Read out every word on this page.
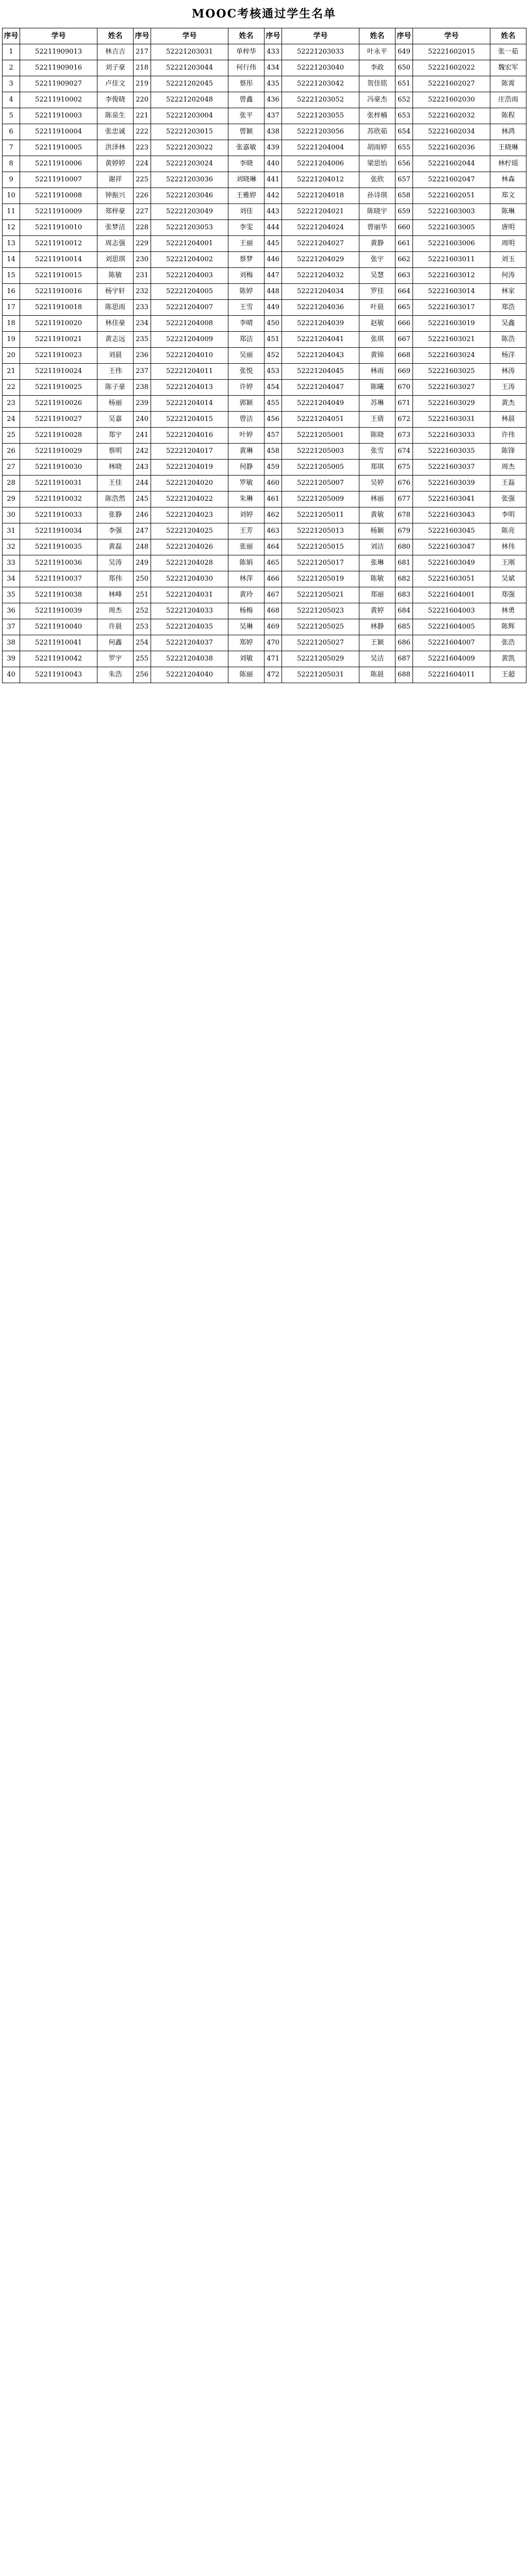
MOOC考核通过学生名单
序号	学号	姓名	序号	学号	姓名	序号	学号	姓名	序号	学号	姓名
1	52211909013	林吉吉	217	52221203031	单梓华	433	52221203033	叶永平	649	52221602015	张一茹
2	52211909016	刘子豪	218	52221203044	何行伟	434	52221203040	李政	650	52221602022	魏宏军
3	52211909027	卢佳文	219	52221202045	蔡彤	435	52221203042	贺佳铭	651	52221602027	陈霄
4	52211910002	李俊晓	220	52221202048	曾鑫	436	52221203052	冯豪杰	652	52221602030	庄浩雨
5	52211910003	陈泉生	221	52221203004	张平	437	52221203055	张梓楠	653	52221602032	陈程
6	52211910004	张忠诚	222	52221203015	曾颖	438	52221203056	苏欣茹	654	52221602034	林鸿
7	52211910005	洪泽林	223	52221203022	张嘉敏	439	52221204004	胡雨婷	655	52221602036	王晓琳
8	52211910006	黄婷婷	224	52221203024	李晓	440	52221204006	梁思怡	656	52221602044	林柠瑶
9	52211910007	谢祥	225	52221203036	刘晓琳	441	52221204012	张欣	657	52221602047	林森
10	52211910008	钟振兴	226	52221203046	王雅婷	442	52221204018	孙诗琪	658	52221602051	郑文
11	52211910009	郑梓豪	227	52221203049	刘佳	443	52221204021	陈晓宇	659	52221603003	陈琳
12	52211910010	张梦洁	228	52221203053	李雯	444	52221204024	曾丽华	660	52221603005	唐明
13	52211910012	周志强	229	52221204001	王丽	445	52221204027	黄静	661	52221603006	周明
14	52211910014	刘思琪	230	52221204002	蔡梦	446	52221204029	张宇	662	52221603011	刘玉
15	52211910015	陈敏	231	52221204003	刘梅	447	52221204032	吴慧	663	52221603012	何涛
16	52211910016	杨宇轩	232	52221204005	陈婷	448	52221204034	罗佳	664	52221603014	林家
17	52211910018	陈思雨	233	52221204007	王雪	449	52221204036	叶晨	665	52221603017	郑浩
18	52211910020	林佳豪	234	52221204008	李晴	450	52221204039	赵敏	666	52221603019	吴鑫
19	52211910021	黄志远	235	52221204009	郑洁	451	52221204041	张琪	667	52221603021	陈浩
20	52211910023	刘晨	236	52221204010	吴丽	452	52221204043	黄锦	668	52221603024	杨洋
21	52211910024	王伟	237	52221204011	张悦	453	52221204045	林雨	669	52221603025	林涛
22	52211910025	陈子豪	238	52221204013	许婷	454	52221204047	陈曦	670	52221603027	王涛
23	52211910026	杨丽	239	52221204014	郭颖	455	52221204049	苏琳	671	52221603029	黄杰
24	52211910027	吴嘉	240	52221204015	曾洁	456	52221204051	王倩	672	52221603031	林晨
25	52211910028	郑宇	241	52221204016	叶婷	457	52221205001	陈晓	673	52221603033	许伟
26	52211910029	蔡明	242	52221204017	黄琳	458	52221205003	张雪	674	52221603035	陈锋
27	52211910030	林晓	243	52221204019	何静	459	52221205005	郑琪	675	52221603037	周杰
28	52211910031	王佳	244	52221204020	罗敏	460	52221205007	吴婷	676	52221603039	王磊
29	52211910032	陈浩然	245	52221204022	朱琳	461	52221205009	林丽	677	52221603041	张强
30	52211910033	张静	246	52221204023	刘婷	462	52221205011	黄敏	678	52221603043	李明
31	52211910034	李强	247	52221204025	王芳	463	52221205013	杨颖	679	52221603045	陈亮
32	52211910035	黄磊	248	52221204026	张丽	464	52221205015	刘洁	680	52221603047	林伟
33	52211910036	吴涛	249	52221204028	陈娟	465	52221205017	张琳	681	52221603049	王刚
34	52211910037	郑伟	250	52221204030	林萍	466	52221205019	陈敏	682	52221603051	吴斌
35	52211910038	林峰	251	52221204031	黄玲	467	52221205021	郑丽	683	52221604001	郑强
36	52211910039	周杰	252	52221204033	杨梅	468	52221205023	黄婷	684	52221604003	林勇
37	52211910040	许晨	253	52221204035	吴琳	469	52221205025	林静	685	52221604005	陈辉
38	52211910041	何鑫	254	52221204037	郑婷	470	52221205027	王颖	686	52221604007	张浩
39	52211910042	罗宇	255	52221204038	刘敏	471	52221205029	吴洁	687	52221604009	黄凯
40	52211910043	朱浩	256	52221204040	陈丽	472	52221205031	陈晨	688	52221604011	王超
